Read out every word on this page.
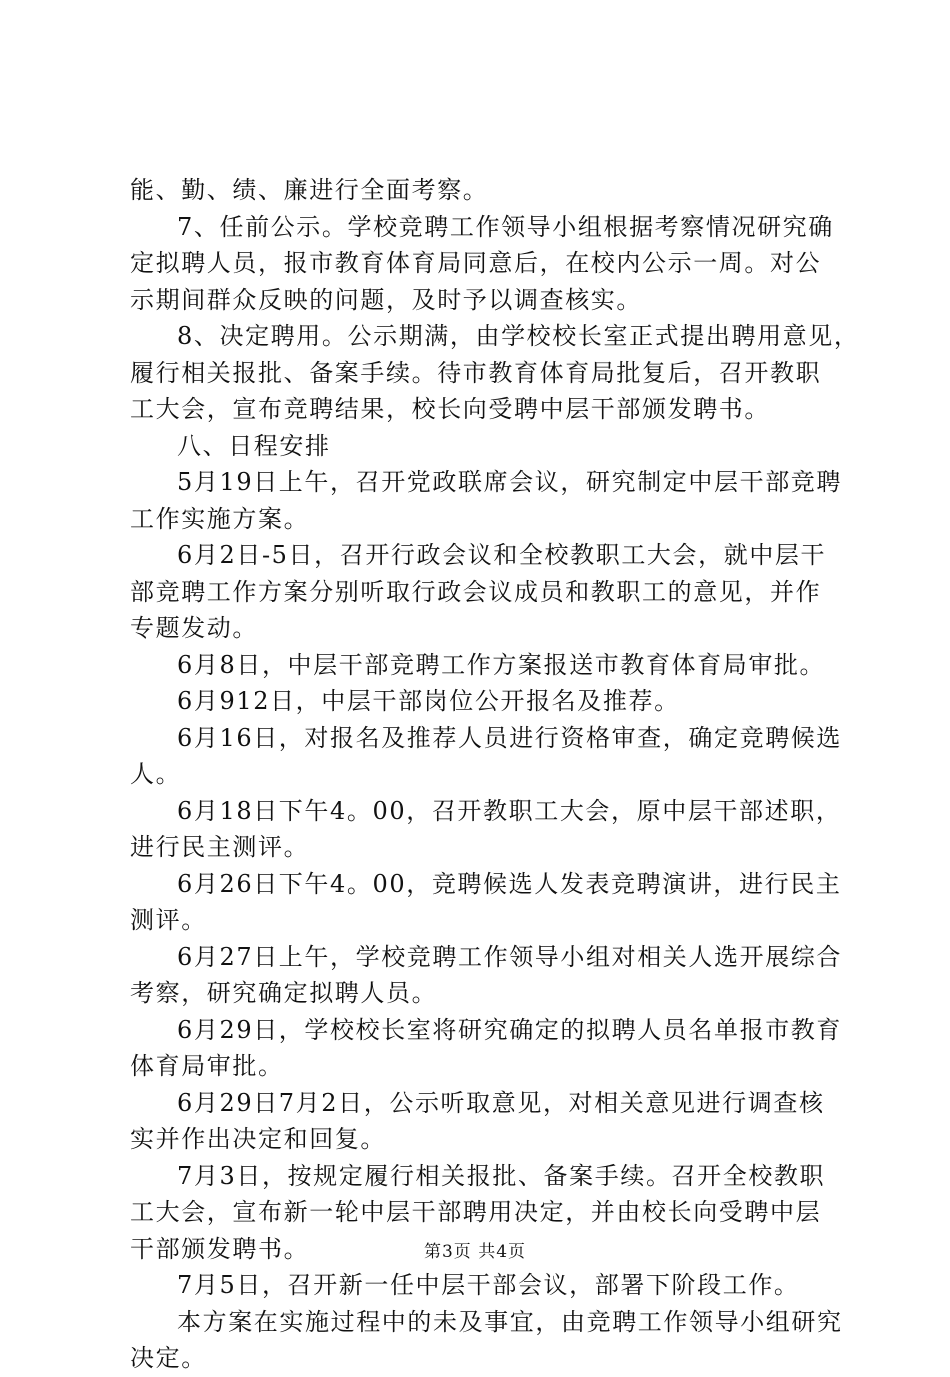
能、勤、绩、廉进行全面考察。
7、任前公示。学校竞聘工作领导小组根据考察情况研究确
定拟聘人员，报市教育体育局同意后，在校内公示一周。对公
示期间群众反映的问题，及时予以调查核实。
8、决定聘用。公示期满，由学校校长室正式提出聘用意见，
履行相关报批、备案手续。待市教育体育局批复后，召开教职
工大会，宣布竞聘结果，校长向受聘中层干部颁发聘书。
八、日程安排
5月19日上午，召开党政联席会议，研究制定中层干部竞聘
工作实施方案。
6月2日-5日，召开行政会议和全校教职工大会，就中层干
部竞聘工作方案分别听取行政会议成员和教职工的意见，并作
专题发动。
6月8日，中层干部竞聘工作方案报送市教育体育局审批。
6月912日，中层干部岗位公开报名及推荐。
6月16日，对报名及推荐人员进行资格审查，确定竞聘候选
人。
6月18日下午4。00，召开教职工大会，原中层干部述职，
进行民主测评。
6月26日下午4。00，竞聘候选人发表竞聘演讲，进行民主
测评。
6月27日上午，学校竞聘工作领导小组对相关人选开展综合
考察，研究确定拟聘人员。
6月29日，学校校长室将研究确定的拟聘人员名单报市教育
体育局审批。
6月29日7月2日，公示听取意见，对相关意见进行调查核
实并作出决定和回复。
7月3日，按规定履行相关报批、备案手续。召开全校教职
工大会，宣布新一轮中层干部聘用决定，并由校长向受聘中层
干部颁发聘书。
7月5日，召开新一任中层干部会议，部署下阶段工作。
本方案在实施过程中的未及事宜，由竞聘工作领导小组研究
决定。
第3页 共4页
